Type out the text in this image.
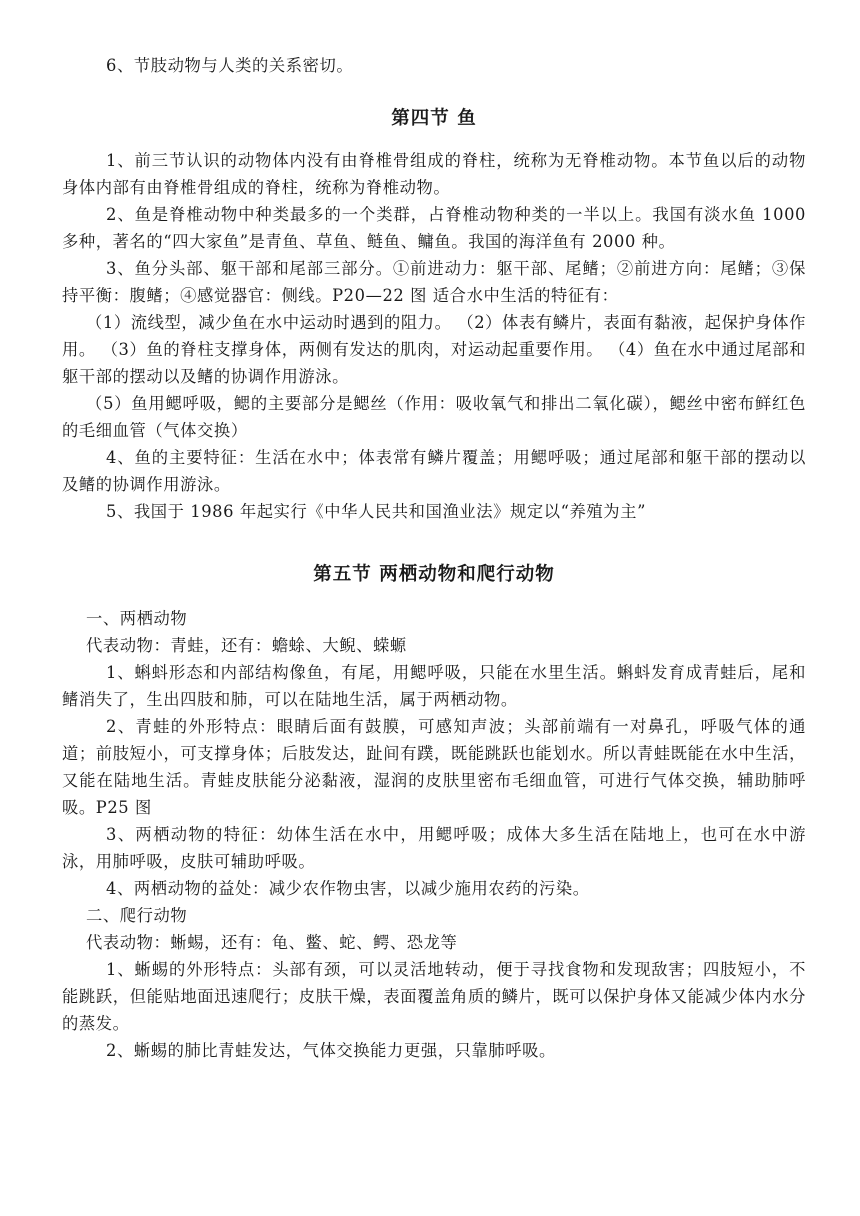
6、节肢动物与人类的关系密切。

第四节 鱼

1、前三节认识的动物体内没有由脊椎骨组成的脊柱，统称为无脊椎动物。本节鱼以后的动物身体内部有由脊椎骨组成的脊柱，统称为脊椎动物。

2、鱼是脊椎动物中种类最多的一个类群，占脊椎动物种类的一半以上。我国有淡水鱼 1000 多种，著名的“四大家鱼”是青鱼、草鱼、鲢鱼、鳙鱼。我国的海洋鱼有 2000 种。

3、鱼分头部、躯干部和尾部三部分。①前进动力：躯干部、尾鳍；②前进方向：尾鳍；③保持平衡：腹鳍；④感觉器官：侧线。P20—22 图 适合水中生活的特征有：

（1）流线型，减少鱼在水中运动时遇到的阻力。 （2）体表有鳞片，表面有黏液，起保护身体作用。 （3）鱼的脊柱支撑身体，两侧有发达的肌肉，对运动起重要作用。 （4）鱼在水中通过尾部和躯干部的摆动以及鳍的协调作用游泳。

（5）鱼用鳃呼吸，鳃的主要部分是鳃丝（作用：吸收氧气和排出二氧化碳），鳃丝中密布鲜红色的毛细血管（气体交换）

4、鱼的主要特征：生活在水中；体表常有鳞片覆盖；用鳃呼吸；通过尾部和躯干部的摆动以及鳍的协调作用游泳。

5、我国于 1986 年起实行《中华人民共和国渔业法》规定以“养殖为主”

第五节 两栖动物和爬行动物

一、两栖动物

代表动物：青蛙，还有：蟾蜍、大鲵、蝾螈

1、蝌蚪形态和内部结构像鱼，有尾，用鳃呼吸，只能在水里生活。蝌蚪发育成青蛙后，尾和鳍消失了，生出四肢和肺，可以在陆地生活，属于两栖动物。

2、青蛙的外形特点：眼睛后面有鼓膜，可感知声波；头部前端有一对鼻孔，呼吸气体的通道；前肢短小，可支撑身体；后肢发达，趾间有蹼，既能跳跃也能划水。所以青蛙既能在水中生活，又能在陆地生活。青蛙皮肤能分泌黏液，湿润的皮肤里密布毛细血管，可进行气体交换，辅助肺呼吸。P25 图

3、两栖动物的特征：幼体生活在水中，用鳃呼吸；成体大多生活在陆地上，也可在水中游泳，用肺呼吸，皮肤可辅助呼吸。

4、两栖动物的益处：减少农作物虫害，以减少施用农药的污染。

二、爬行动物

代表动物：蜥蜴，还有：龟、鳖、蛇、鳄、恐龙等

1、蜥蜴的外形特点：头部有颈，可以灵活地转动，便于寻找食物和发现敌害；四肢短小，不能跳跃，但能贴地面迅速爬行；皮肤干燥，表面覆盖角质的鳞片，既可以保护身体又能减少体内水分的蒸发。

2、蜥蜴的肺比青蛙发达，气体交换能力更强，只靠肺呼吸。
